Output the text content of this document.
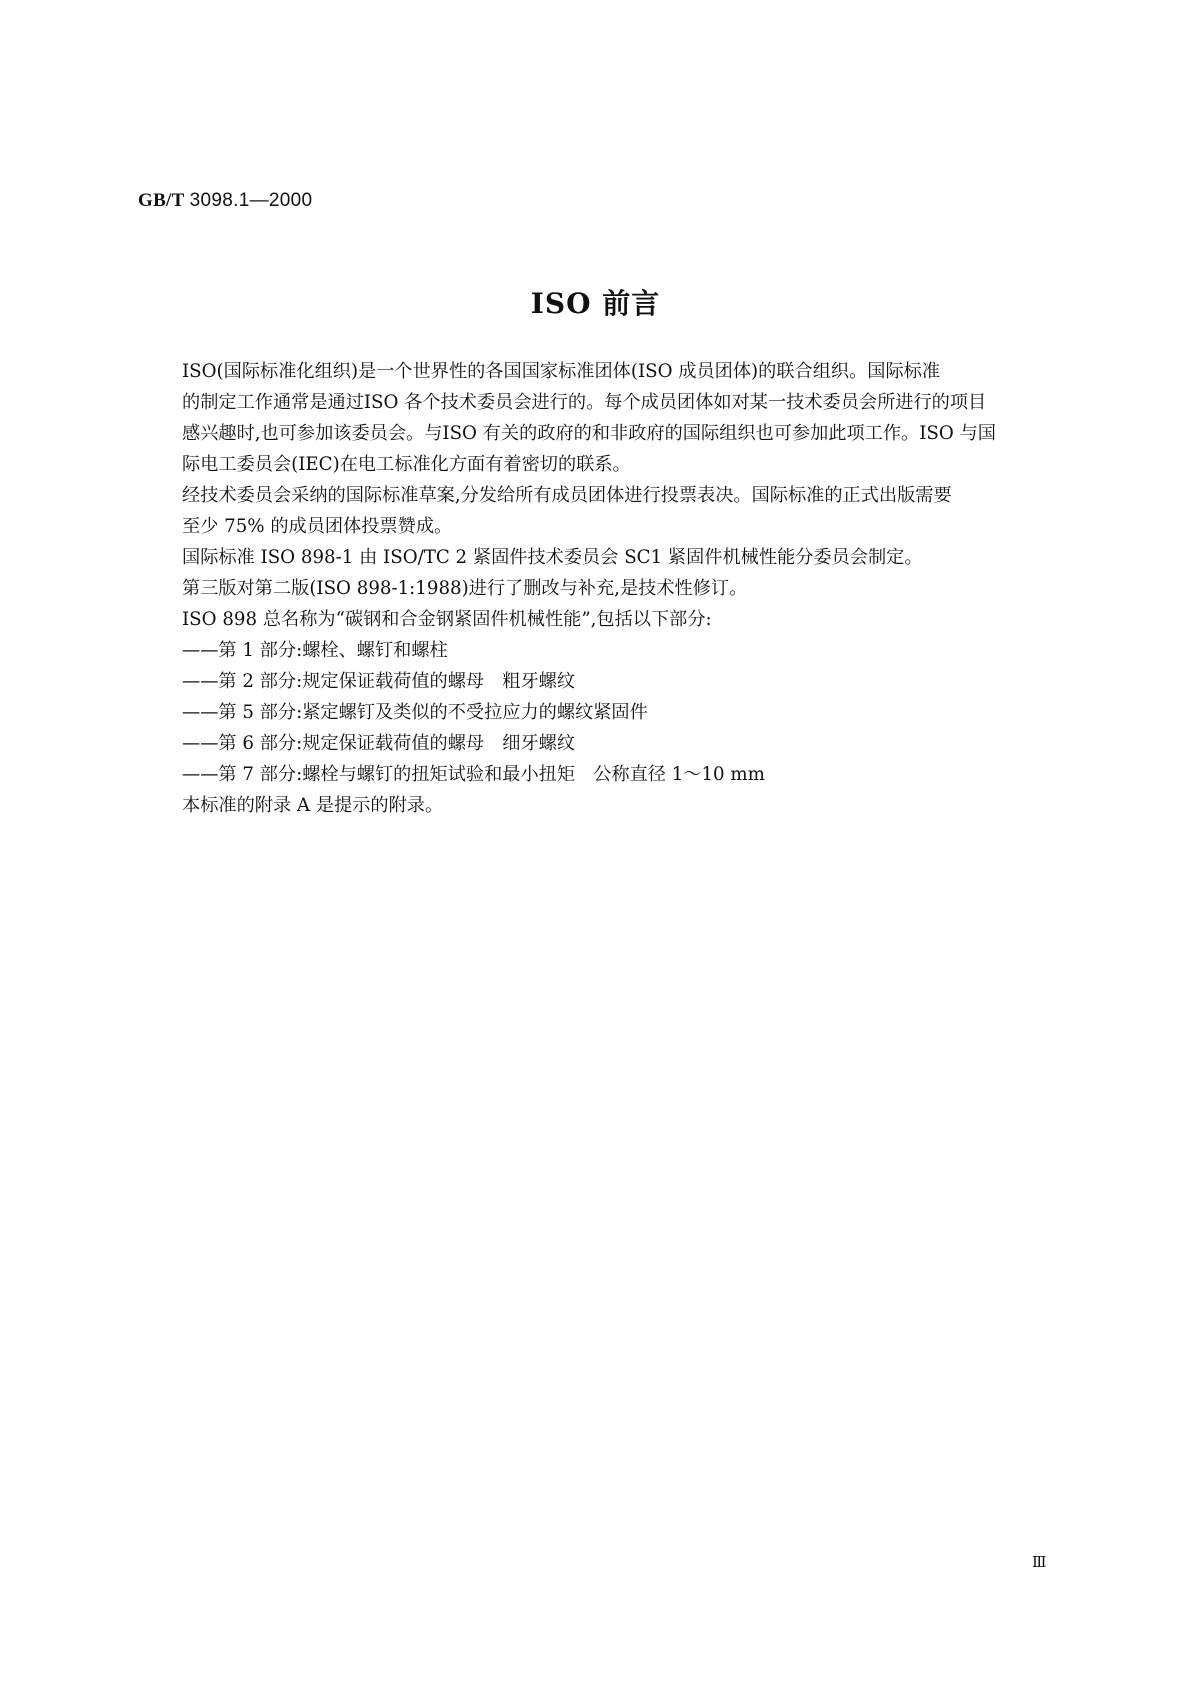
GB/T 3098.1—2000
ISO 前言

ISO(国际标准化组织)是一个世界性的各国国家标准团体(ISO 成员团体)的联合组织。国际标准

的制定工作通常是通过ISO 各个技术委员会进行的。每个成员团体如对某一技术委员会所进行的项目

感兴趣时,也可参加该委员会。与ISO 有关的政府的和非政府的国际组织也可参加此项工作。ISO 与国

际电工委员会(IEC)在电工标准化方面有着密切的联系。

经技术委员会采纳的国际标准草案,分发给所有成员团体进行投票表决。国际标准的正式出版需要

至少 75% 的成员团体投票赞成。

国际标准 ISO 898-1 由 ISO/TC 2 紧固件技术委员会 SC1 紧固件机械性能分委员会制定。

第三版对第二版(ISO 898-1:1988)进行了删改与补充,是技术性修订。

ISO 898 总名称为“碳钢和合金钢紧固件机械性能”,包括以下部分:

——第 1 部分:螺栓、螺钉和螺柱

——第 2 部分:规定保证载荷值的螺母　粗牙螺纹

——第 5 部分:紧定螺钉及类似的不受拉应力的螺纹紧固件

——第 6 部分:规定保证载荷值的螺母　细牙螺纹

——第 7 部分:螺栓与螺钉的扭矩试验和最小扭矩　公称直径 1～10 mm

本标准的附录 A 是提示的附录。

Ⅲ
